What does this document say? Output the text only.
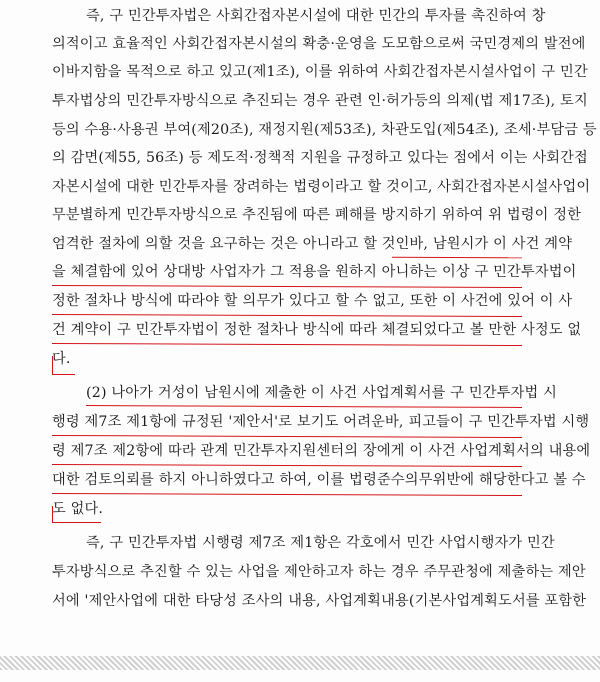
즉, 구 민간투자법은 사회간접자본시설에 대한 민간의 투자를 촉진하여 창
의적이고 효율적인 사회간접자본시설의 확충·운영을 도모함으로써 국민경제의 발전에
이바지함을 목적으로 하고 있고(제1조), 이를 위하여 사회간접자본시설사업이 구 민간
투자법상의 민간투자방식으로 추진되는 경우 관련 인·허가등의 의제(법 제17조), 토지
등의 수용·사용권 부여(제20조), 재정지원(제53조), 차관도입(제54조), 조세·부담금 등
의 감면(제55, 56조) 등 제도적·정책적 지원을 규정하고 있다는 점에서 이는 사회간접
자본시설에 대한 민간투자를 장려하는 법령이라고 할 것이고, 사회간접자본시설사업이
무분별하게 민간투자방식으로 추진됨에 따른 폐해를 방지하기 위하여 위 법령이 정한
엄격한 절차에 의할 것을 요구하는 것은 아니라고 할 것인바, 남원시가 이 사건 계약
을 체결함에 있어 상대방 사업자가 그 적용을 원하지 아니하는 이상 구 민간투자법이
정한 절차나 방식에 따라야 할 의무가 있다고 할 수 없고, 또한 이 사건에 있어 이 사
건 계약이 구 민간투자법이 정한 절차나 방식에 따라 체결되었다고 볼 만한 사정도 없
다.
(2) 나아가 거성이 남원시에 제출한 이 사건 사업계획서를 구 민간투자법 시
행령 제7조 제1항에 규정된 '제안서'로 보기도 어려운바, 피고들이 구 민간투자법 시행
령 제7조 제2항에 따라 관계 민간투자지원센터의 장에게 이 사건 사업계획서의 내용에
대한 검토의뢰를 하지 아니하였다고 하여, 이를 법령준수의무위반에 해당한다고 볼 수
도 없다.
즉, 구 민간투자법 시행령 제7조 제1항은 각호에서 민간 사업시행자가 민간
투자방식으로 추진할 수 있는 사업을 제안하고자 하는 경우 주무관청에 제출하는 제안
서에 '제안사업에 대한 타당성 조사의 내용, 사업계획내용(기본사업계획도서를 포함한
